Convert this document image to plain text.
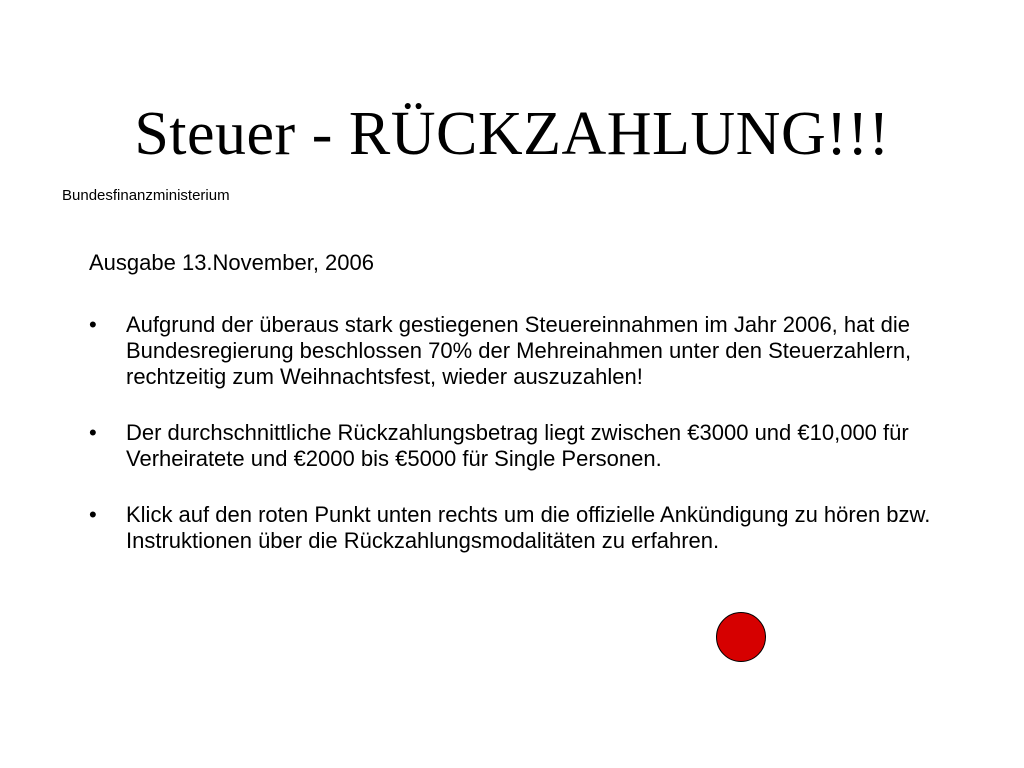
Steuer - RÜCKZAHLUNG!!!

Bundesfinanzministerium

Ausgabe 13.November, 2006

•	Aufgrund der überaus stark gestiegenen Steuereinnahmen im Jahr 2006, hat die Bundesregierung beschlossen 70% der Mehreinahmen unter den Steuerzahlern, rechtzeitig zum Weihnachtsfest, wieder auszuzahlen!
•	Der durchschnittliche Rückzahlungsbetrag liegt zwischen €3000 und €10,000 für Verheiratete und €2000 bis €5000 für Single Personen.
•	Klick auf den roten Punkt unten rechts um die offizielle Ankündigung zu hören bzw. Instruktionen über die Rückzahlungsmodalitäten zu erfahren.
